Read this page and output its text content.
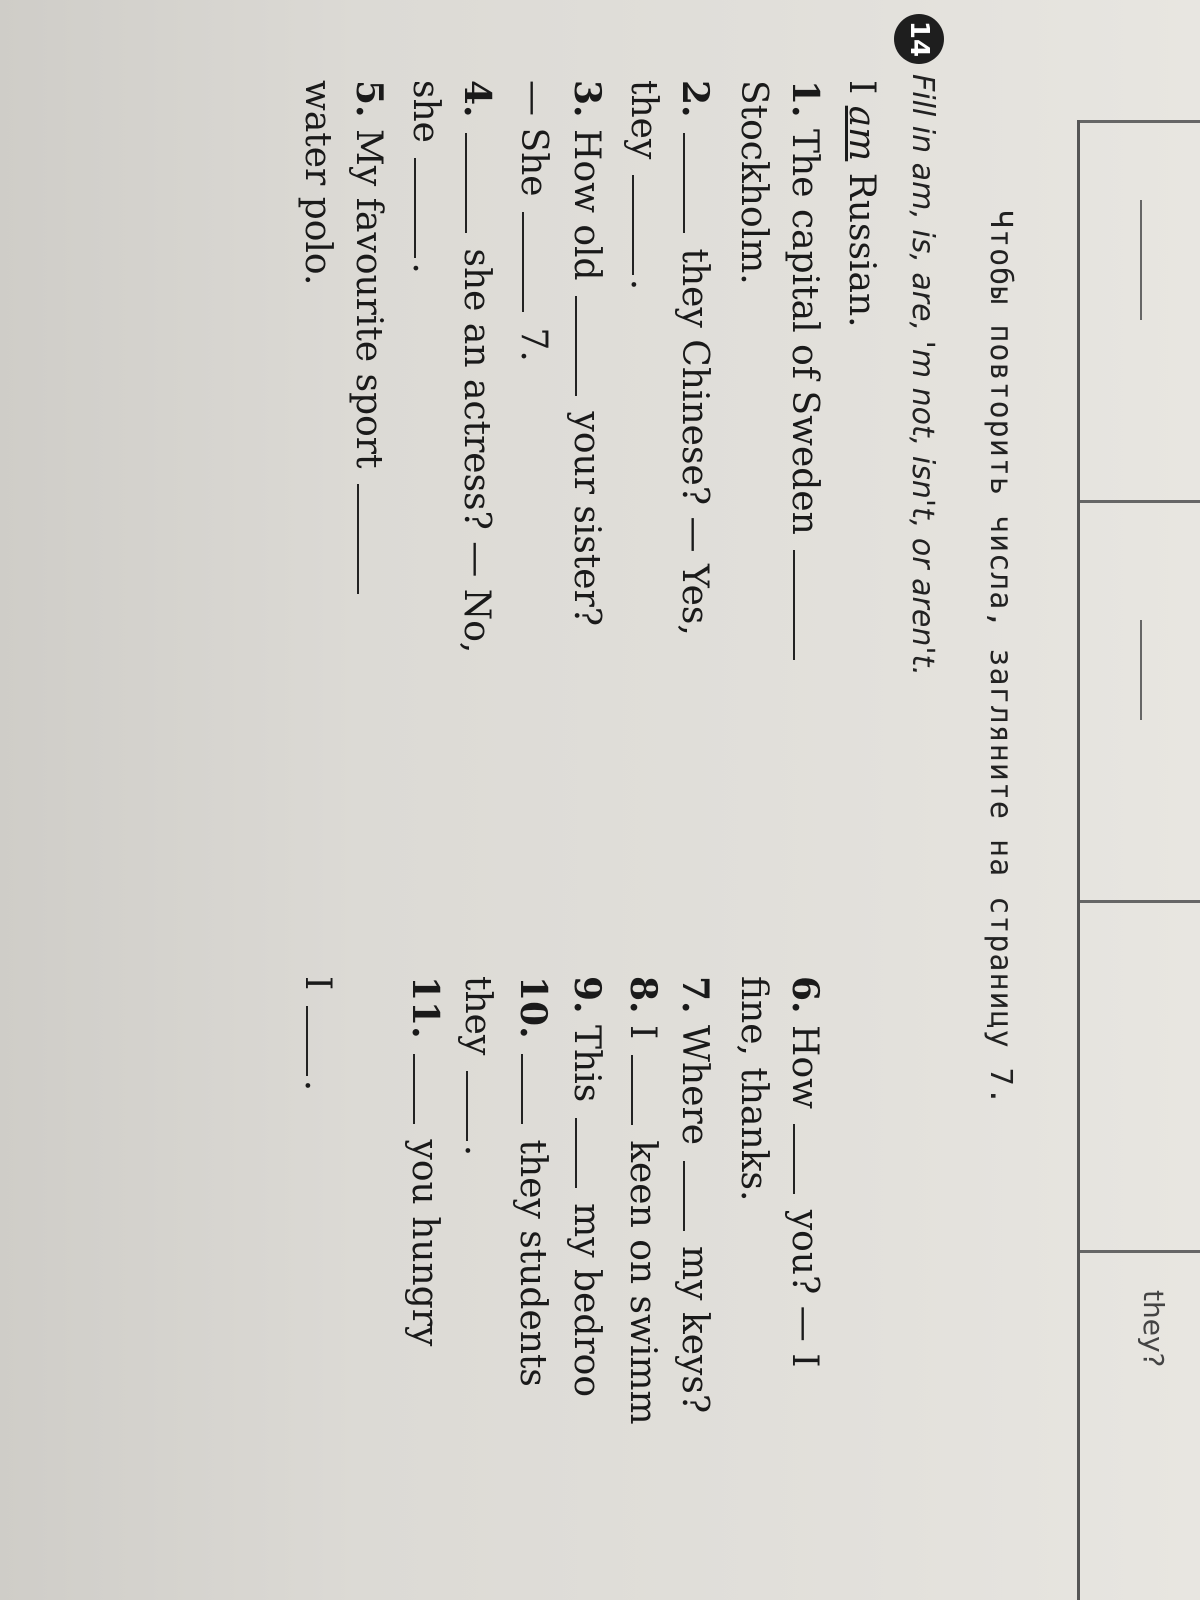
they?
Чтобы повторить числа, загляните на страницу 7.
14
Fill in am, is, are, 'm not, isn't, or aren't.
I am Russian.
1. The capital of Sweden
Stockholm.
2.  they Chinese? — Yes,
they .
3. How old  your sister?
— She  7.
4.  she an actress? — No,
she .
5. My favourite sport
water polo.
6. How  you? — I
fine, thanks.
7. Where  my keys?
8. I  keen on swimm
9. This  my bedroo
10.  they students
they .
11.  you hungry
I .
